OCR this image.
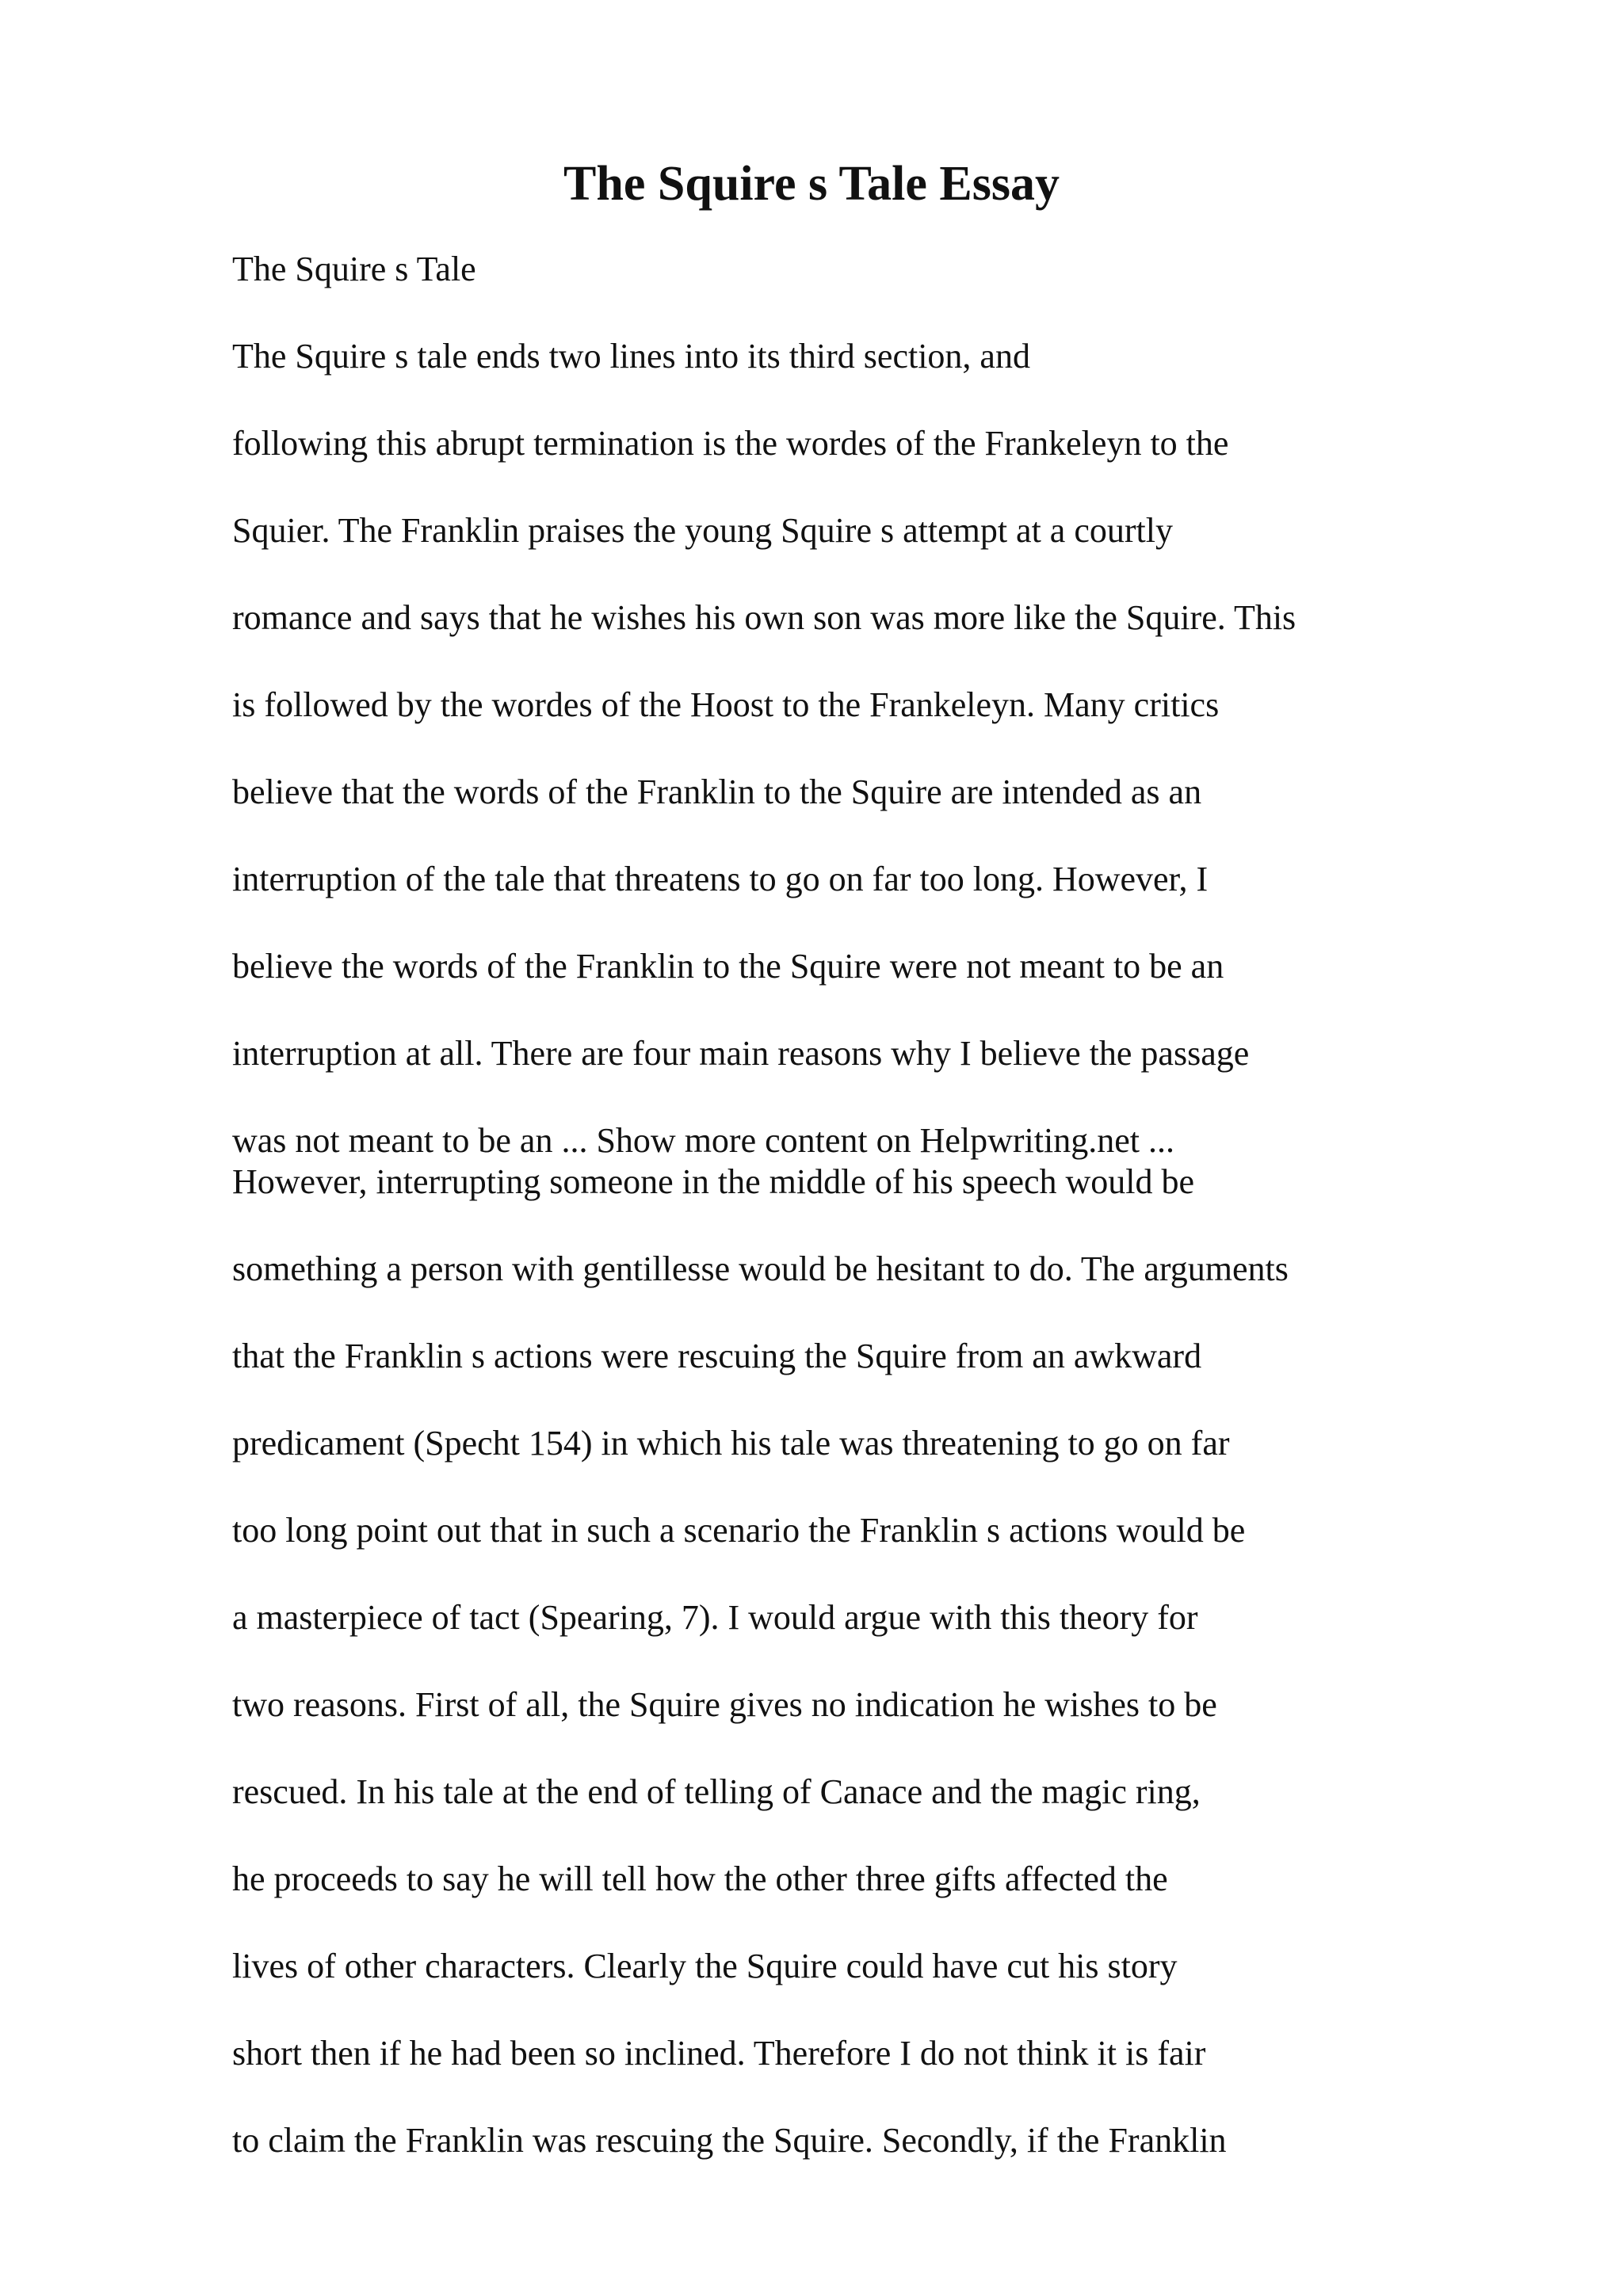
The Squire s Tale Essay
The Squire s Tale
The Squire s tale ends two lines into its third section, and
following this abrupt termination is the wordes of the Frankeleyn to the
Squier. The Franklin praises the young Squire s attempt at a courtly
romance and says that he wishes his own son was more like the Squire. This
is followed by the wordes of the Hoost to the Frankeleyn. Many critics
believe that the words of the Franklin to the Squire are intended as an
interruption of the tale that threatens to go on far too long. However, I
believe the words of the Franklin to the Squire were not meant to be an
interruption at all. There are four main reasons why I believe the passage
was not meant to be an ... Show more content on Helpwriting.net ...
However, interrupting someone in the middle of his speech would be
something a person with gentillesse would be hesitant to do. The arguments
that the Franklin s actions were rescuing the Squire from an awkward
predicament (Specht 154) in which his tale was threatening to go on far
too long point out that in such a scenario the Franklin s actions would be
a masterpiece of tact (Spearing, 7). I would argue with this theory for
two reasons. First of all, the Squire gives no indication he wishes to be
rescued. In his tale at the end of telling of Canace and the magic ring,
he proceeds to say he will tell how the other three gifts affected the
lives of other characters. Clearly the Squire could have cut his story
short then if he had been so inclined. Therefore I do not think it is fair
to claim the Franklin was rescuing the Squire. Secondly, if the Franklin
